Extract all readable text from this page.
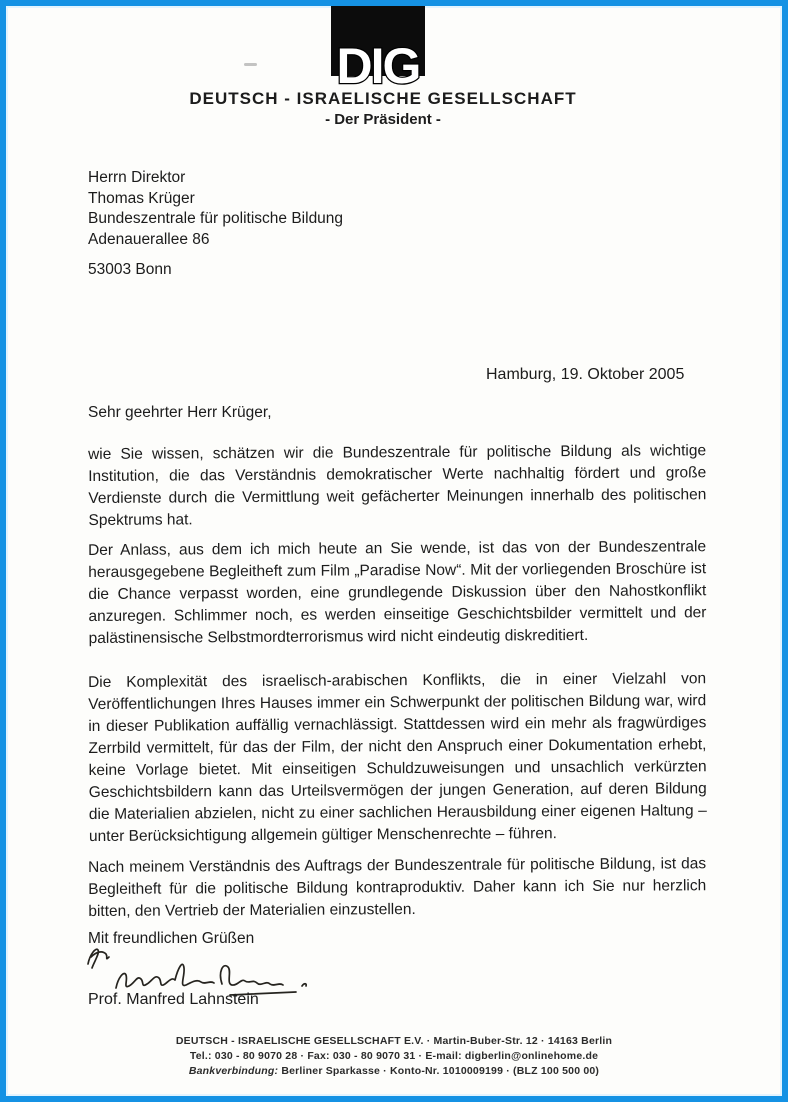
DIG
DEUTSCH - ISRAELISCHE GESELLSCHAFT
- Der Präsident -
Herrn Direktor
Thomas Krüger
Bundeszentrale für politische Bildung
Adenauerallee 86
53003 Bonn
Hamburg, 19. Oktober 2005
Sehr geehrter Herr Krüger,
wie Sie wissen, schätzen wir die Bundeszentrale für politische Bildung als wichtige Institution, die das Verständnis demokratischer Werte nachhaltig fördert und große Verdienste durch die Vermittlung weit gefächerter Meinungen innerhalb des politischen Spektrums hat.
Der Anlass, aus dem ich mich heute an Sie wende, ist das von der Bundeszentrale herausgegebene Begleitheft zum Film „Paradise Now“. Mit der vorliegenden Broschüre ist die Chance verpasst worden, eine grundlegende Diskussion über den Nahostkonflikt anzuregen. Schlimmer noch, es werden einseitige Geschichtsbilder vermittelt und der palästinensische Selbstmordterrorismus wird nicht eindeutig diskreditiert.
Die Komplexität des israelisch-arabischen Konflikts, die in einer Vielzahl von Veröffentlichungen Ihres Hauses immer ein Schwerpunkt der politischen Bildung war, wird in dieser Publikation auffällig vernachlässigt. Stattdessen wird ein mehr als fragwürdiges Zerrbild vermittelt, für das der Film, der nicht den Anspruch einer Dokumentation erhebt, keine Vorlage bietet. Mit einseitigen Schuldzuweisungen und unsachlich verkürzten Geschichtsbildern kann das Urteilsvermögen der jungen Generation, auf deren Bildung die Materialien abzielen, nicht zu einer sachlichen Herausbildung einer eigenen Haltung – unter Berücksichtigung allgemein gültiger Menschenrechte – führen.
Nach meinem Verständnis des Auftrags der Bundeszentrale für politische Bildung, ist das Begleitheft für die politische Bildung kontraproduktiv. Daher kann ich Sie nur herzlich bitten, den Vertrieb der Materialien einzustellen.
Mit freundlichen Grüßen
Prof. Manfred Lahnstein
DEUTSCH - ISRAELISCHE GESELLSCHAFT E.V. · Martin-Buber-Str. 12 · 14163 Berlin
Tel.: 030 - 80 9070 28 · Fax: 030 - 80 9070 31 · E-mail: digberlin@onlinehome.de
Bankverbindung: Berliner Sparkasse · Konto-Nr. 1010009199 · (BLZ 100 500 00)
